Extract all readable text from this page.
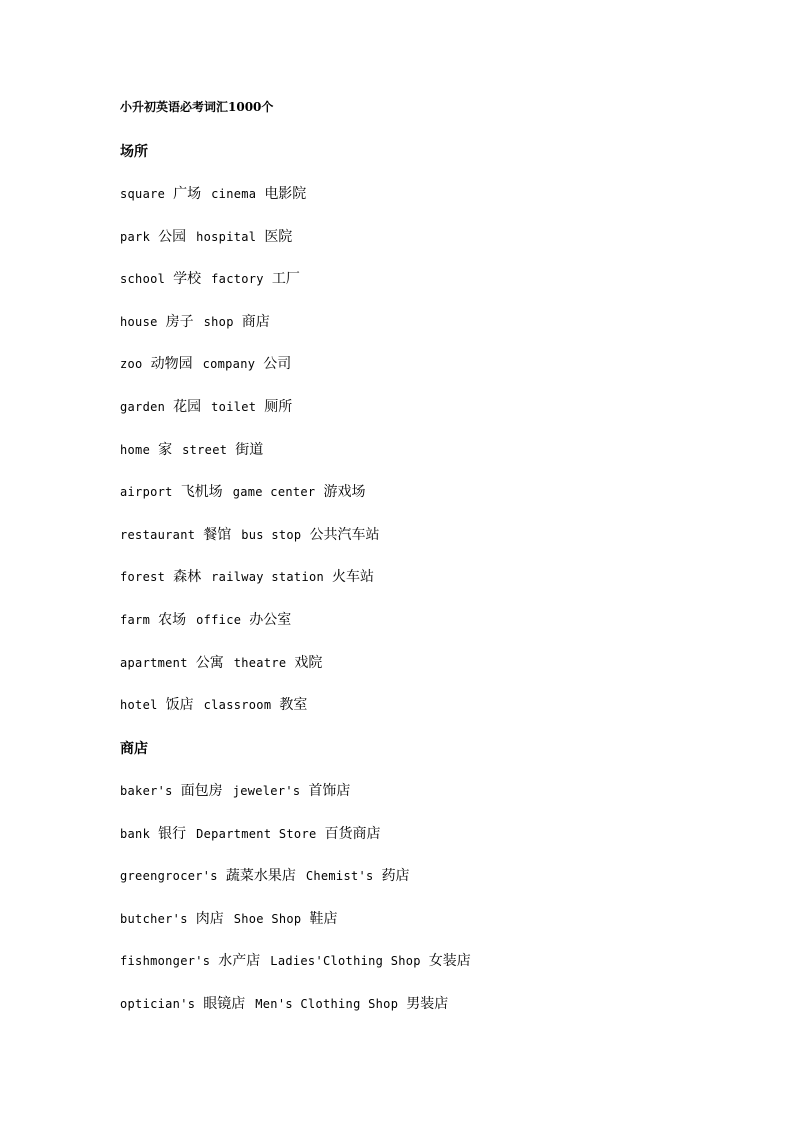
小升初英语必考词汇1000个
场所
square 广场 cinema 电影院
park 公园 hospital 医院
school 学校 factory 工厂
house 房子 shop 商店
zoo 动物园 company 公司
garden 花园 toilet 厕所
home 家 street 街道
airport 飞机场 game center 游戏场
restaurant 餐馆 bus stop 公共汽车站
forest 森林 railway station 火车站
farm 农场 office 办公室
apartment 公寓 theatre 戏院
hotel 饭店 classroom 教室
商店
baker's 面包房 jeweler's 首饰店
bank 银行 Department Store 百货商店
greengrocer's 蔬菜水果店 Chemist's 药店
butcher's 肉店 Shoe Shop 鞋店
fishmonger's 水产店 Ladies'Clothing Shop 女装店
optician's 眼镜店 Men's Clothing Shop 男装店
